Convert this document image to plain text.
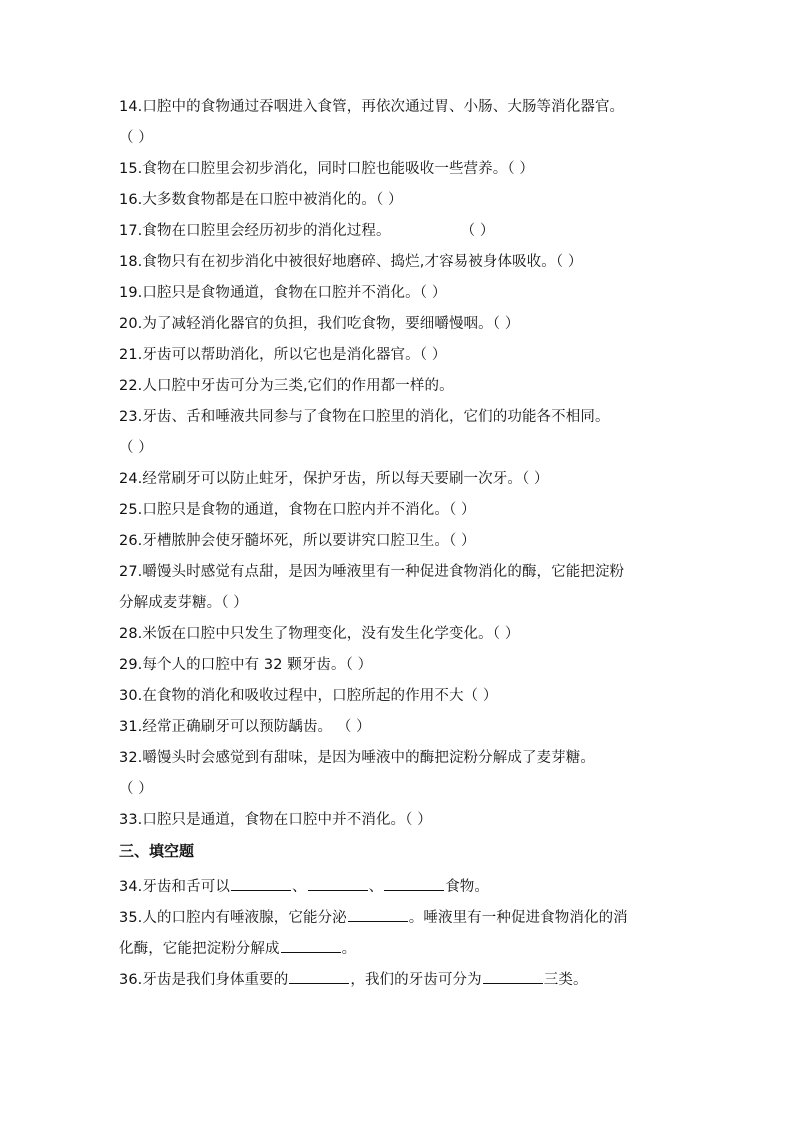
14.口腔中的食物通过吞咽进入食管，再依次通过胃、小肠、大肠等消化器官。
（ ）
15.食物在口腔里会初步消化，同时口腔也能吸收一些营养。（ ）
16.大多数食物都是在口腔中被消化的。（ ）
17.食物在口腔里会经历初步的消化过程。	（ ）
18.食物只有在初步消化中被很好地磨碎、捣烂,才容易被身体吸收。（ ）
19.口腔只是食物通道，食物在口腔并不消化。（ ）
20.为了减轻消化器官的负担，我们吃食物，要细嚼慢咽。（ ）
21.牙齿可以帮助消化，所以它也是消化器官。（ ）
22.人口腔中牙齿可分为三类,它们的作用都一样的。
23.牙齿、舌和唾液共同参与了食物在口腔里的消化，它们的功能各不相同。
（ ）
24.经常刷牙可以防止蛀牙，保护牙齿，所以每天要刷一次牙。（ ）
25.口腔只是食物的通道，食物在口腔内并不消化。（ ）
26.牙槽脓肿会使牙髓坏死，所以要讲究口腔卫生。（ ）
27.嚼馒头时感觉有点甜，是因为唾液里有一种促进食物消化的酶，它能把淀粉
分解成麦芽糖。（ ）
28.米饭在口腔中只发生了物理变化，没有发生化学变化。（ ）
29.每个人的口腔中有 32 颗牙齿。（ ）
30.在食物的消化和吸收过程中，口腔所起的作用不大（ ）
31.经常正确刷牙可以预防龋齿。 （ ）
32.嚼馒头时会感觉到有甜味，是因为唾液中的酶把淀粉分解成了麦芽糖。
（ ）
33.口腔只是通道，食物在口腔中并不消化。（ ）
三、填空题
34.牙齿和舌可以	、	、	食物。
35.人的口腔内有唾液腺，它能分泌	。唾液里有一种促进食物消化的消
化酶，它能把淀粉分解成	。
36.牙齿是我们身体重要的	，我们的牙齿可分为	三类。
